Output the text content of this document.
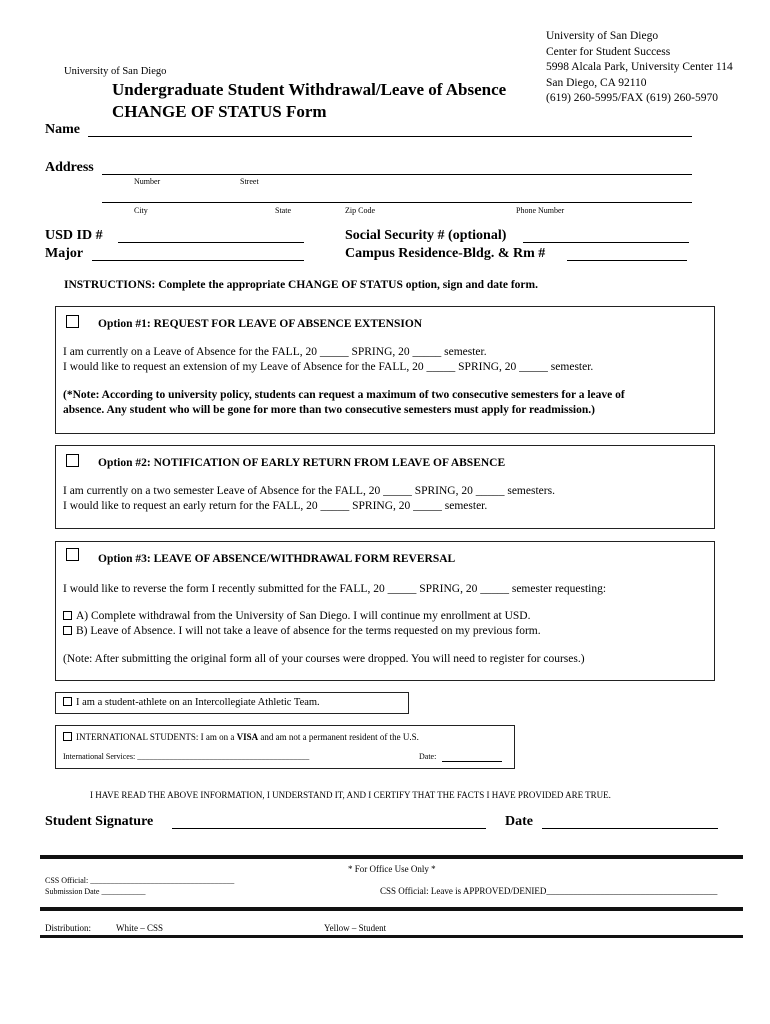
University of San Diego
Center for Student Success
5998 Alcala Park, University Center 114
San Diego, CA 92110
(619) 260-5995/FAX (619) 260-5970
University of San Diego
Undergraduate Student Withdrawal/Leave of Absence
CHANGE OF STATUS Form
Name
Address
Number	Street
City	State	Zip Code	Phone Number
USD ID #
Major
Social Security # (optional)
Campus Residence-Bldg. & Rm #
INSTRUCTIONS: Complete the appropriate CHANGE OF STATUS option, sign and date form.
Option #1: REQUEST FOR LEAVE OF ABSENCE EXTENSION
I am currently on a Leave of Absence for the FALL, 20 _____ SPRING, 20 _____ semester.
I would like to request an extension of my Leave of Absence for the FALL, 20 _____ SPRING, 20 _____ semester.
(*Note: According to university policy, students can request a maximum of two consecutive semesters for a leave of
absence. Any student who will be gone for more than two consecutive semesters must apply for readmission.)
Option #2: NOTIFICATION OF EARLY RETURN FROM LEAVE OF ABSENCE
I am currently on a two semester Leave of Absence for the FALL, 20 _____ SPRING, 20 _____ semesters.
I would like to request an early return for the FALL, 20 _____ SPRING, 20 _____ semester.
Option #3: LEAVE OF ABSENCE/WITHDRAWAL FORM REVERSAL
I would like to reverse the form I recently submitted for the FALL, 20 _____ SPRING, 20 _____ semester requesting:
A) Complete withdrawal from the University of San Diego. I will continue my enrollment at USD.
B) Leave of Absence. I will not take a leave of absence for the terms requested on my previous form.
(Note: After submitting the original form all of your courses were dropped. You will need to register for courses.)
I am a student-athlete on an Intercollegiate Athletic Team.
INTERNATIONAL STUDENTS: I am on a VISA and am not a permanent resident of the U.S.
International Services: ___________________________________________	Date:
I HAVE READ THE ABOVE INFORMATION, I UNDERSTAND IT, AND I CERTIFY THAT THE FACTS I HAVE PROVIDED ARE TRUE.
Student Signature	Date
* For Office Use Only *
CSS Official: ____________________________________
Submission Date ___________	CSS Official: Leave is APPROVED/DENIED______________________________________
Distribution:	White – CSS	Yellow – Student
